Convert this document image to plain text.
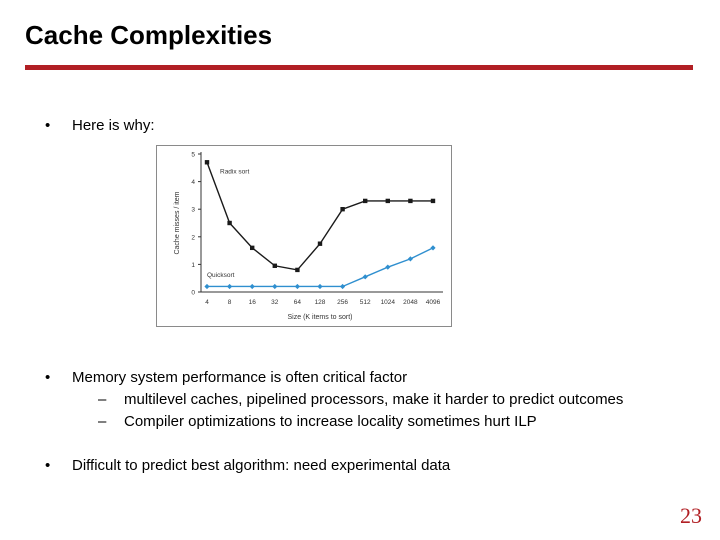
Cache Complexities
• Here is why:
0
1
2
3
4
5
4	8	16 32 64 128 256 512 1024 2048 4096
Size (K items to sort)
Cache misses / item
Radix sort
Quicksort
• Memory system performance is often critical factor
– multilevel caches, pipelined processors, make it harder to predict outcomes
– Compiler optimizations to increase locality sometimes hurt ILP
• Difficult to predict best algorithm: need experimental data
23
